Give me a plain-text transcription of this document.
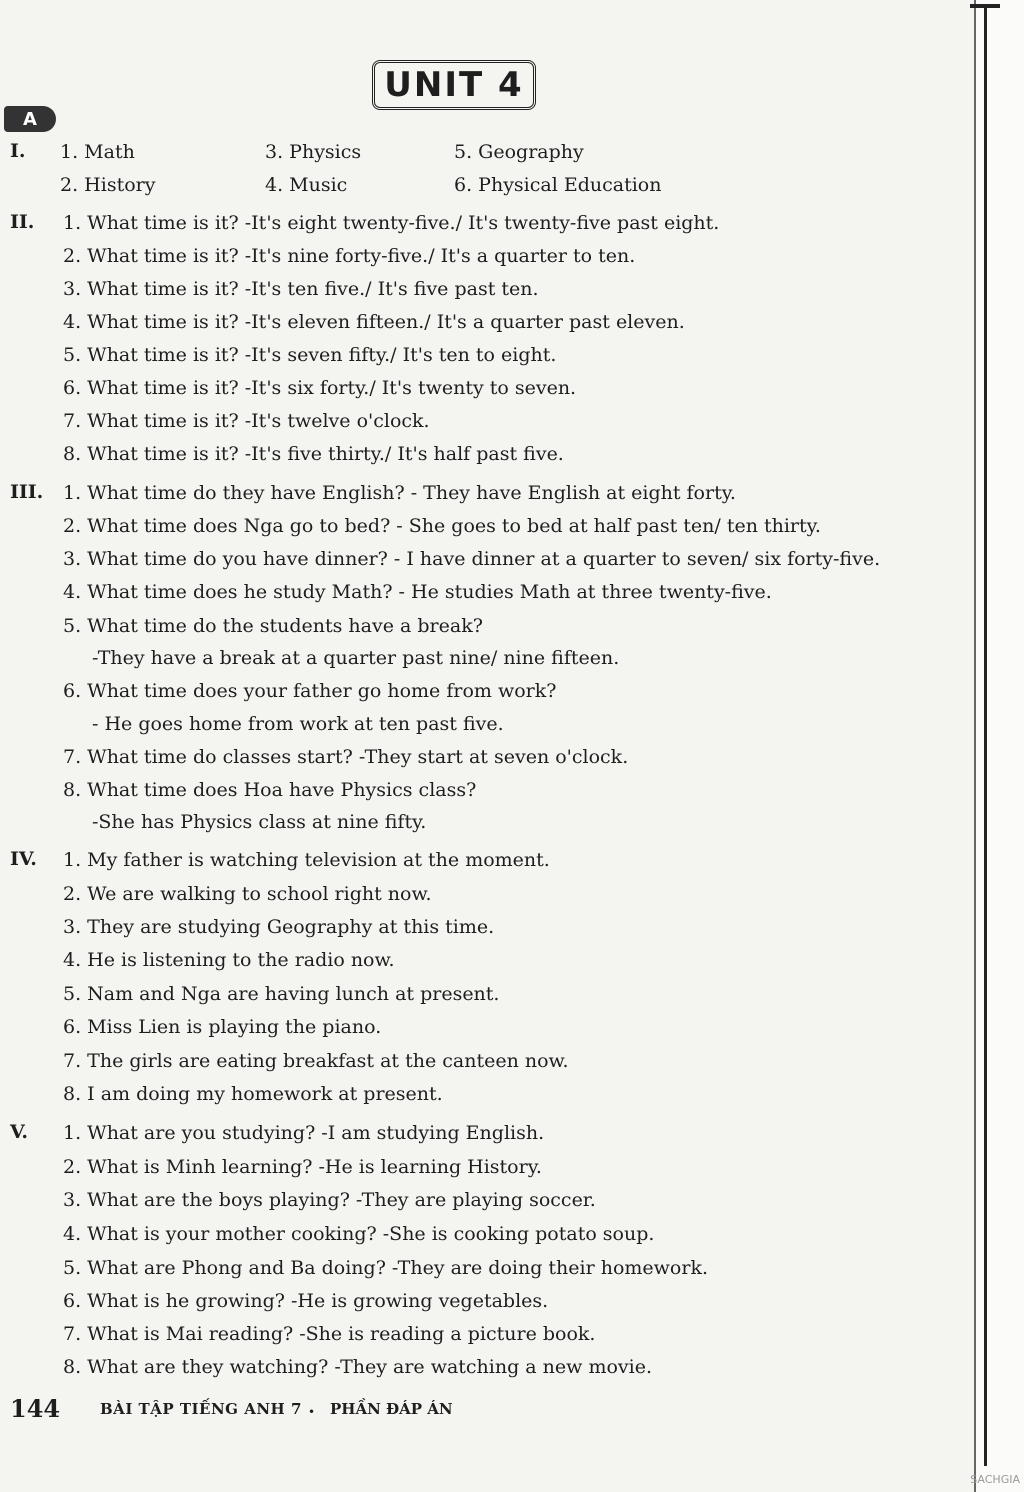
UNIT 4
A
I. 1. Math
2. History
3. Physics
4. Music
5. Geography
6. Physical Education
II. 1. What time is it? -It's eight twenty-five./ It's twenty-five past eight.
2. What time is it? -It's nine forty-five./ It's a quarter to ten.
3. What time is it? -It's ten five./ It's five past ten.
4. What time is it? -It's eleven fifteen./ It's a quarter past eleven.
5. What time is it? -It's seven fifty./ It's ten to eight.
6. What time is it? -It's six forty./ It's twenty to seven.
7. What time is it? -It's twelve o'clock.
8. What time is it? -It's five thirty./ It's half past five.
III. 1. What time do they have English? - They have English at eight forty.
2. What time does Nga go to bed? - She goes to bed at half past ten/ ten thirty.
3. What time do you have dinner? - I have dinner at a quarter to seven/ six forty-five.
4. What time does he study Math? - He studies Math at three twenty-five.
5. What time do the students have a break?
-They have a break at a quarter past nine/ nine fifteen.
6. What time does your father go home from work?
- He goes home from work at ten past five.
7. What time do classes start? -They start at seven o'clock.
8. What time does Hoa have Physics class?
-She has Physics class at nine fifty.
IV. 1. My father is watching television at the moment.
2. We are walking to school right now.
3. They are studying Geography at this time.
4. He is listening to the radio now.
5. Nam and Nga are having lunch at present.
6. Miss Lien is playing the piano.
7. The girls are eating breakfast at the canteen now.
8. I am doing my homework at present.
V. 1. What are you studying? -I am studying English.
2. What is Minh learning? -He is learning History.
3. What are the boys playing? -They are playing soccer.
4. What is your mother cooking? -She is cooking potato soup.
5. What are Phong and Ba doing? -They are doing their homework.
6. What is he growing? -He is growing vegetables.
7. What is Mai reading? -She is reading a picture book.
8. What are they watching? -They are watching a new movie.
144	BÀI TẬP TIẾNG ANH 7 • PHẦN ĐÁP ÁN
SACHGIA
